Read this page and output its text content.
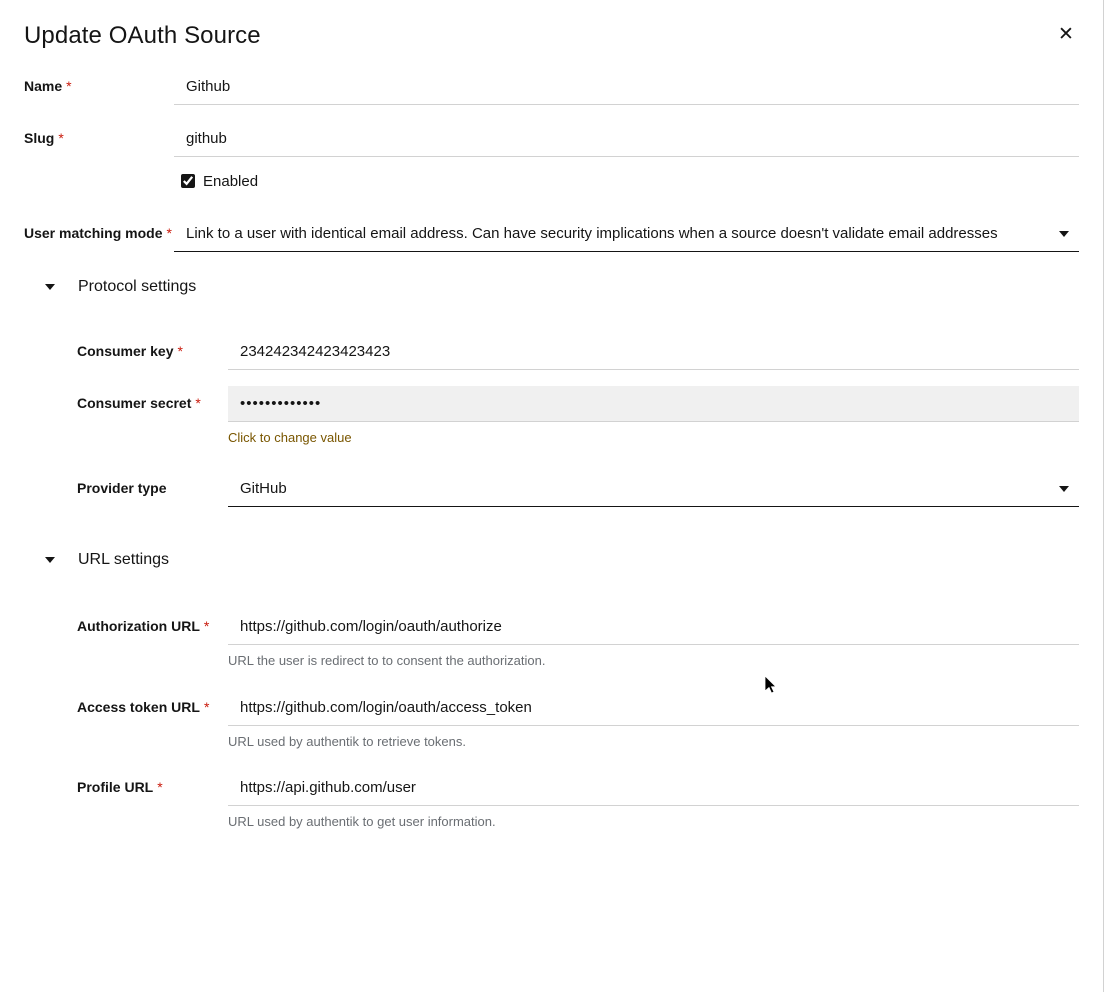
Update OAuth Source	✕
Name *
Github
Slug *
github
Enabled
User matching mode *
Link to a user with identical email address. Can have security implications when a source doesn't validate email addresses
Protocol settings
Consumer key *
234242342423423423
Consumer secret *
•••••••••••••
Click to change value
Provider type
GitHub
URL settings
Authorization URL *
https://github.com/login/oauth/authorize
URL the user is redirect to to consent the authorization.
Access token URL *
https://github.com/login/oauth/access_token
URL used by authentik to retrieve tokens.
Profile URL *
https://api.github.com/user
URL used by authentik to get user information.
